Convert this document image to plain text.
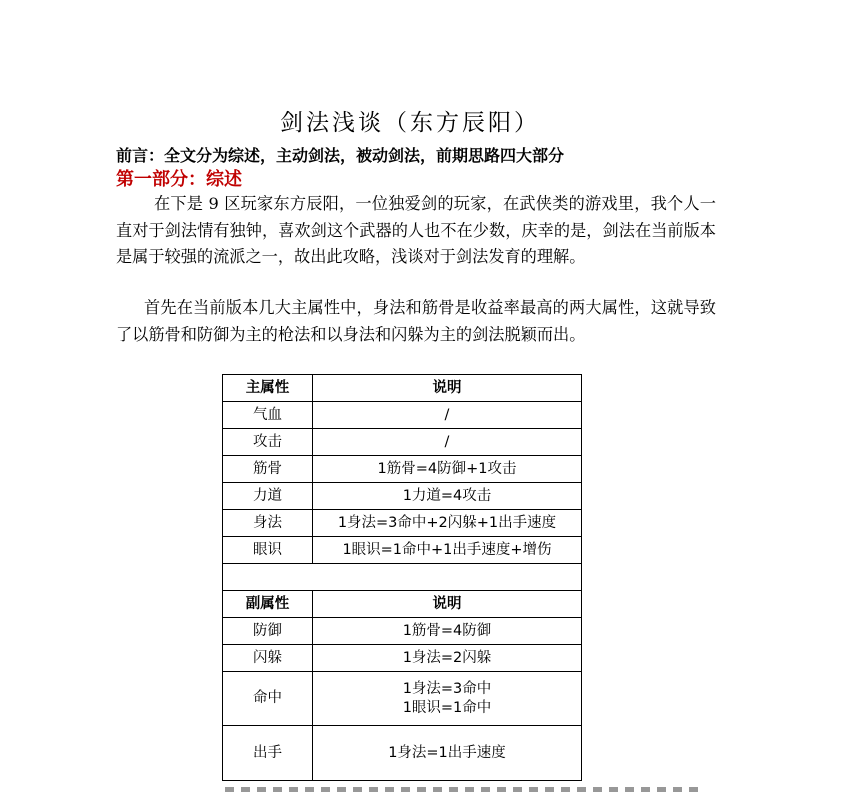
剑法浅谈（东方辰阳）
前言：全文分为综述，主动剑法，被动剑法，前期思路四大部分
第一部分：综述

在下是 9 区玩家东方辰阳，一位独爱剑的玩家，在武侠类的游戏里，我个人一直对于剑法情有独钟，喜欢剑这个武器的人也不在少数，庆幸的是，剑法在当前版本是属于较强的流派之一，故出此攻略，浅谈对于剑法发育的理解。

首先在当前版本几大主属性中，身法和筋骨是收益率最高的两大属性，这就导致了以筋骨和防御为主的枪法和以身法和闪躲为主的剑法脱颖而出。

主属性	说明
气血	/
攻击	/
筋骨	1筋骨=4防御+1攻击
力道	1力道=4攻击
身法	1身法=3命中+2闪躲+1出手速度
眼识	1眼识=1命中+1出手速度+增伤

副属性	说明
防御	1筋骨=4防御
闪躲	1身法=2闪躲
命中	1身法=3命中
1眼识=1命中

出手	1身法=1出手速度
